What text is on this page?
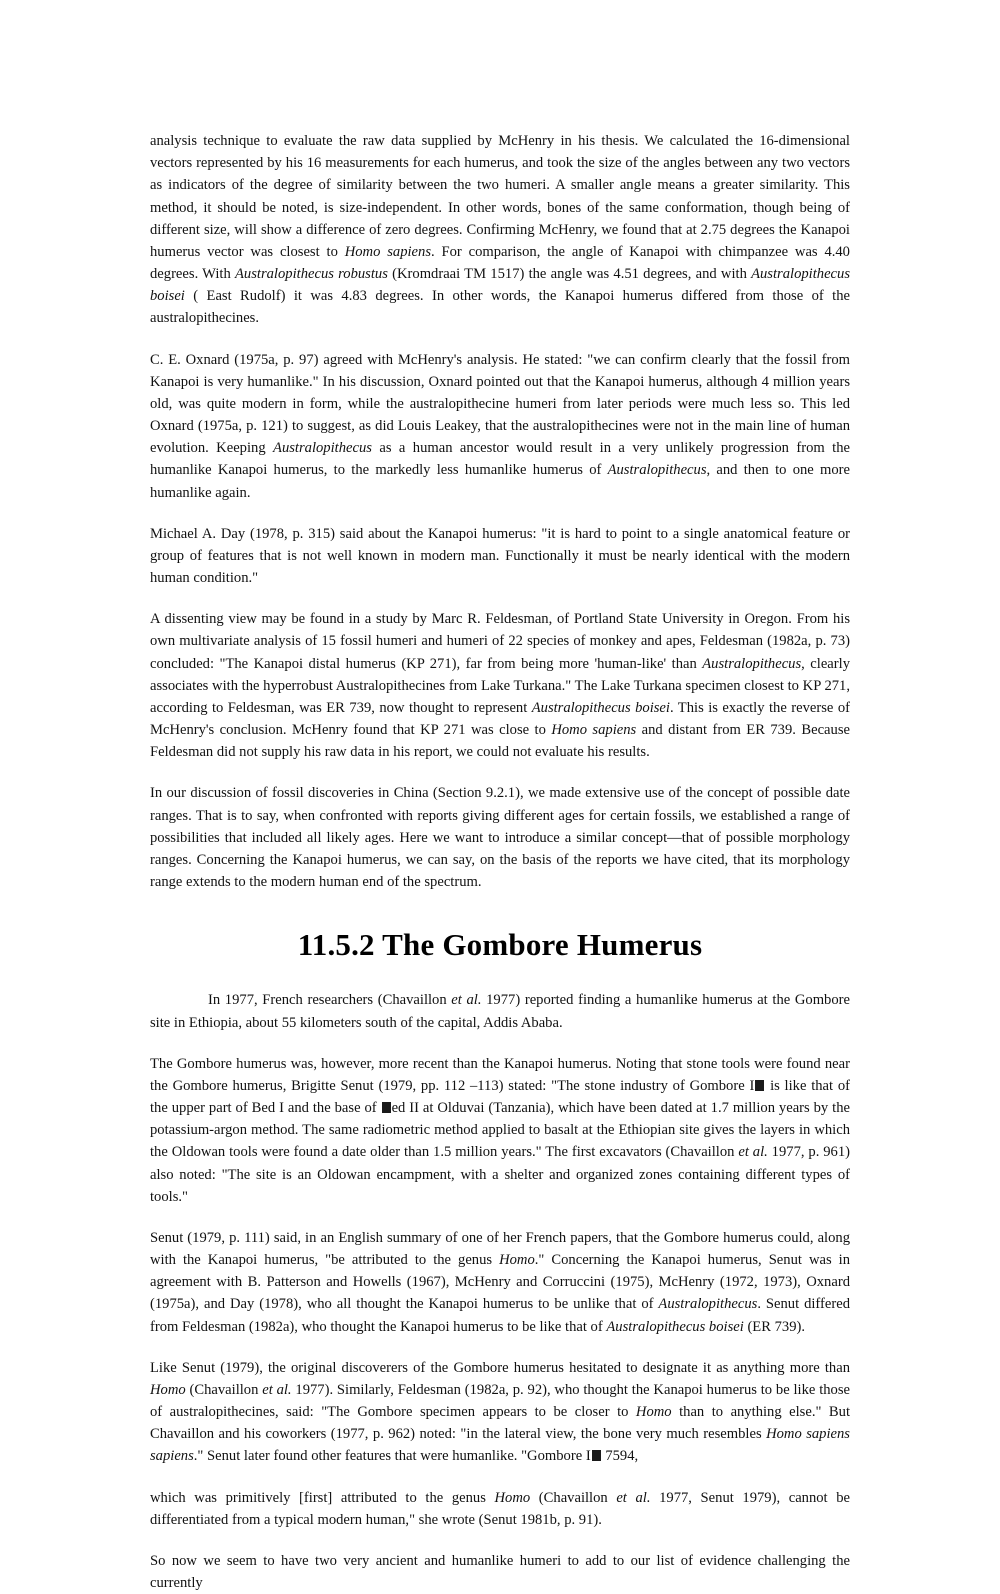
analysis technique to evaluate the raw data supplied by McHenry in his thesis. We calculated the 16-dimensional vectors represented by his 16 measurements for each humerus, and took the size of the angles between any two vectors as indicators of the degree of similarity between the two humeri. A smaller angle means a greater similarity. This method, it should be noted, is size-independent. In other words, bones of the same conformation, though being of different size, will show a difference of zero degrees. Confirming McHenry, we found that at 2.75 degrees the Kanapoi humerus vector was closest to Homo sapiens. For comparison, the angle of Kanapoi with chimpanzee was 4.40 degrees. With Australopithecus robustus (Kromdraai TM 1517) the angle was 4.51 degrees, and with Australopithecus boisei ( East Rudolf) it was 4.83 degrees. In other words, the Kanapoi humerus differed from those of the australopithecines.

C. E. Oxnard (1975a, p. 97) agreed with McHenry's analysis. He stated: "we can confirm clearly that the fossil from Kanapoi is very humanlike." In his discussion, Oxnard pointed out that the Kanapoi humerus, although 4 million years old, was quite modern in form, while the australopithecine humeri from later periods were much less so. This led Oxnard (1975a, p. 121) to suggest, as did Louis Leakey, that the australopithecines were not in the main line of human evolution. Keeping Australopithecus as a human ancestor would result in a very unlikely progression from the humanlike Kanapoi humerus, to the markedly less humanlike humerus of Australopithecus, and then to one more humanlike again.

Michael A. Day (1978, p. 315) said about the Kanapoi humerus: "it is hard to point to a single anatomical feature or group of features that is not well known in modern man. Functionally it must be nearly identical with the modern human condition."

A dissenting view may be found in a study by Marc R. Feldesman, of Portland State University in Oregon. From his own multivariate analysis of 15 fossil humeri and humeri of 22 species of monkey and apes, Feldesman (1982a, p. 73) concluded: "The Kanapoi distal humerus (KP 271), far from being more 'human-like' than Australopithecus, clearly associates with the hyperrobust Australopithecines from Lake Turkana." The Lake Turkana specimen closest to KP 271, according to Feldesman, was ER 739, now thought to represent Australopithecus boisei. This is exactly the reverse of McHenry's conclusion. McHenry found that KP 271 was close to Homo sapiens and distant from ER 739. Because Feldesman did not supply his raw data in his report, we could not evaluate his results.

In our discussion of fossil discoveries in China (Section 9.2.1), we made extensive use of the concept of possible date ranges. That is to say, when confronted with reports giving different ages for certain fossils, we established a range of possibilities that included all likely ages. Here we want to introduce a similar concept—that of possible morphology ranges. Concerning the Kanapoi humerus, we can say, on the basis of the reports we have cited, that its morphology range extends to the modern human end of the spectrum.

11.5.2 The Gombore Humerus

In 1977, French researchers (Chavaillon et al. 1977) reported finding a humanlike humerus at the Gombore site in Ethiopia, about 55 kilometers south of the capital, Addis Ababa.

The Gombore humerus was, however, more recent than the Kanapoi humerus. Noting that stone tools were found near the Gombore humerus, Brigitte Senut (1979, pp. 112 –113) stated: "The stone industry of Gombore I is like that of the upper part of Bed I and the base of ed II at Olduvai (Tanzania), which have been dated at 1.7 million years by the potassium-argon method. The same radiometric method applied to basalt at the Ethiopian site gives the layers in which the Oldowan tools were found a date older than 1.5 million years." The first excavators (Chavaillon et al. 1977, p. 961) also noted: "The site is an Oldowan encampment, with a shelter and organized zones containing different types of tools."

Senut (1979, p. 111) said, in an English summary of one of her French papers, that the Gombore humerus could, along with the Kanapoi humerus, "be attributed to the genus Homo." Concerning the Kanapoi humerus, Senut was in agreement with B. Patterson and Howells (1967), McHenry and Corruccini (1975), McHenry (1972, 1973), Oxnard (1975a), and Day (1978), who all thought the Kanapoi humerus to be unlike that of Australopithecus. Senut differed from Feldesman (1982a), who thought the Kanapoi humerus to be like that of Australopithecus boisei (ER 739).

Like Senut (1979), the original discoverers of the Gombore humerus hesitated to designate it as anything more than Homo (Chavaillon et al. 1977). Similarly, Feldesman (1982a, p. 92), who thought the Kanapoi humerus to be like those of australopithecines, said: "The Gombore specimen appears to be closer to Homo than to anything else." But Chavaillon and his coworkers (1977, p. 962) noted: "in the lateral view, the bone very much resembles Homo sapiens sapiens." Senut later found other features that were humanlike. "Gombore I 7594,

which was primitively [first] attributed to the genus Homo (Chavaillon et al. 1977, Senut 1979), cannot be differentiated from a typical modern human," she wrote (Senut 1981b, p. 91).

So now we seem to have two very ancient and humanlike humeri to add to our list of evidence challenging the currently
